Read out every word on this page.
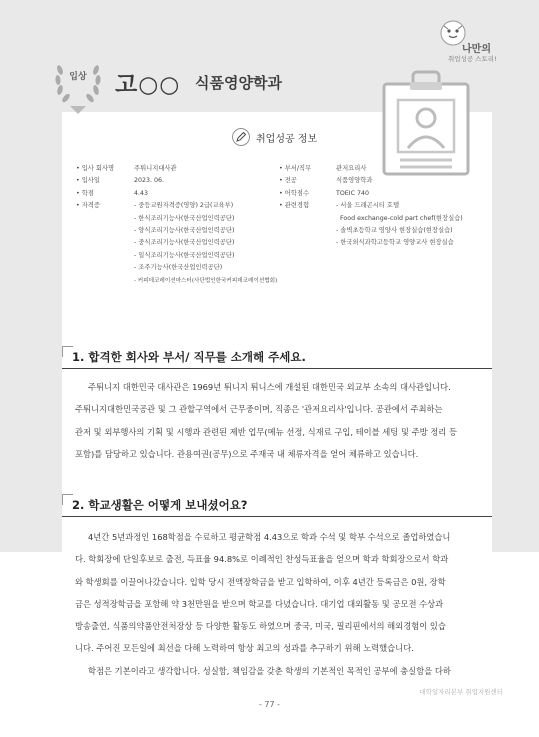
나만의
취업성공 스토리!
입상	고○○ 식품영양학과
취업성공 정보
• 입사 회사명	주튀니지대사관
• 입사일	2023. 06.
• 학점	4.43
• 자격증	- 중등교원자격증(영양) 2급(교육부)
- 한식조리기능사(한국산업인력공단)
- 양식조리기능사(한국산업인력공단)
- 중식조리기능사(한국산업인력공단)
- 일식조리기능사(한국산업인력공단)
- 조주기능사(한국산업인력공단)
- 커피데코레이션마스터(사단법인한국커피데코레이션협회)
• 부서/직무	관저요리사
• 전공	식품영양학과
• 어학점수	TOEIC 740
• 관련경험	- 서울 드래곤시티 호텔
Food exchange-cold part chef(현장실습)
- 솔벽초등학교 영양사 현장실습(현장실습)
- 한국외식과학고등학교 영양교사 현장실습
1. 합격한 회사와 부서/ 직무를 소개해 주세요.

주튀니지 대한민국 대사관은 1969년 튀니지 튀니스에 개설된 대한민국 외교부 소속의 대사관입니다.

주튀니지대한민국공관 및 그 관할구역에서 근무중이며, 직종은 '관저요리사'입니다. 공관에서 주최하는

관저 및 외부행사의 기획 및 시행과 관련된 제반 업무(메뉴 선정, 식재료 구입, 테이블 세팅 및 주방 정리 등

포함)를 담당하고 있습니다. 관용여권(공무)으로 주재국 내 체류자격을 얻어 체류하고 있습니다.

2. 학교생활은 어떻게 보내셨어요?

4년간 5년과정인 168학점을 수료하고 평균학점 4.43으로 학과 수석 및 학부 수석으로 졸업하였습니

다. 학회장에 단일후보로 출전, 득표율 94.8%로 이례적인 찬성득표율을 얻으며 학과 학회장으로서 학과

와 학생회를 이끌어나갔습니다. 입학 당시 전액장학금을 받고 입학하여, 이후 4년간 등록금은 0원, 장학

금은 성적장학금을 포함해 약 3천만원을 받으며 학교를 다녔습니다. 대기업 대외활동 및 공모전 수상과

방송출연, 식품의약품안전처장상 등 다양한 활동도 하였으며 중국, 미국, 필리핀에서의 해외경험이 있습

니다. 주어진 모든일에 최선을 다해 노력하여 항상 최고의 성과를 추구하기 위해 노력했습니다.

학점은 기본이라고 생각합니다. 성실함, 책임감을 갖춘 학생의 기본적인 목적인 공부에 충실함을 다하

대학일자리본부 취업지원센터
- 77 -
